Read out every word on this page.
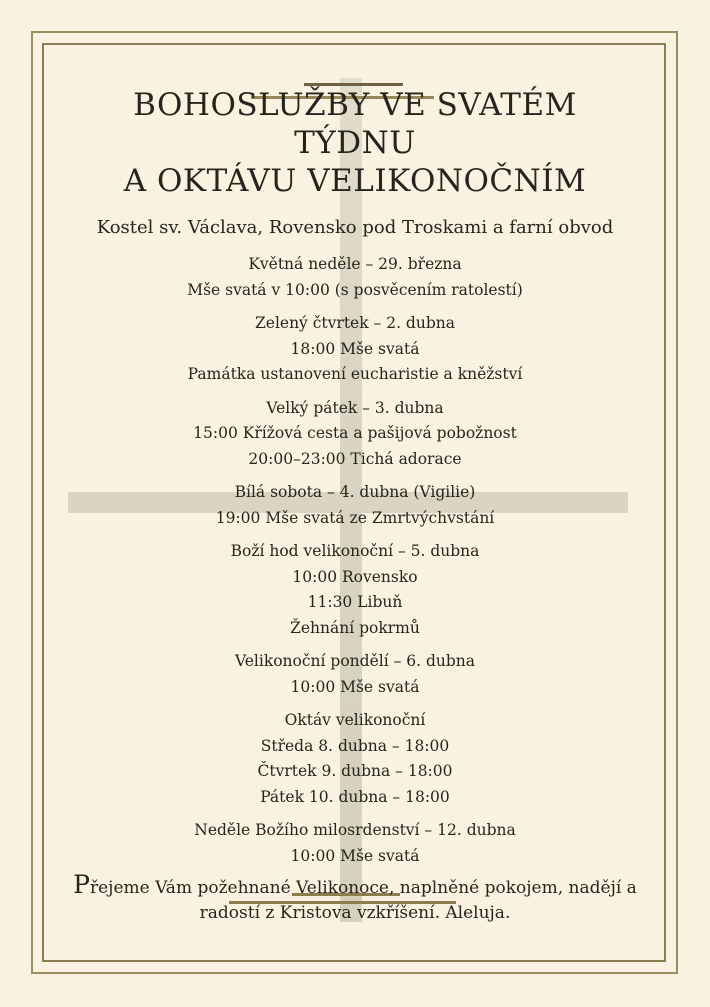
BOHOSLUŽBY VE SVATÉM
TÝDNU
A OKTÁVU VELIKONOČNÍM

Kostel sv. Václava, Rovensko pod Troskami a farní obvod

Květná neděle – 29. března
Mše svatá v 10:00 (s posvěcením ratolestí)
Zelený čtvrtek – 2. dubna
18:00 Mše svatá
Památka ustanovení eucharistie a kněžství
Velký pátek – 3. dubna
15:00 Křížová cesta a pašijová pobožnost
20:00–23:00 Tichá adorace
Bílá sobota – 4. dubna (Vigilie)
19:00 Mše svatá ze Zmrtvýchvstání
Boží hod velikonoční – 5. dubna
10:00 Rovensko
11:30 Libuň
Žehnání pokrmů
Velikonoční pondělí – 6. dubna
10:00 Mše svatá
Oktáv velikonoční
Středa 8. dubna – 18:00
Čtvrtek 9. dubna – 18:00
Pátek 10. dubna – 18:00
Neděle Božího milosrdenství – 12. dubna
10:00 Mše svatá

Přejeme Vám požehnané Velikonoce, naplněné pokojem, nadějí a
radostí z Kristova vzkříšení. Aleluja.
